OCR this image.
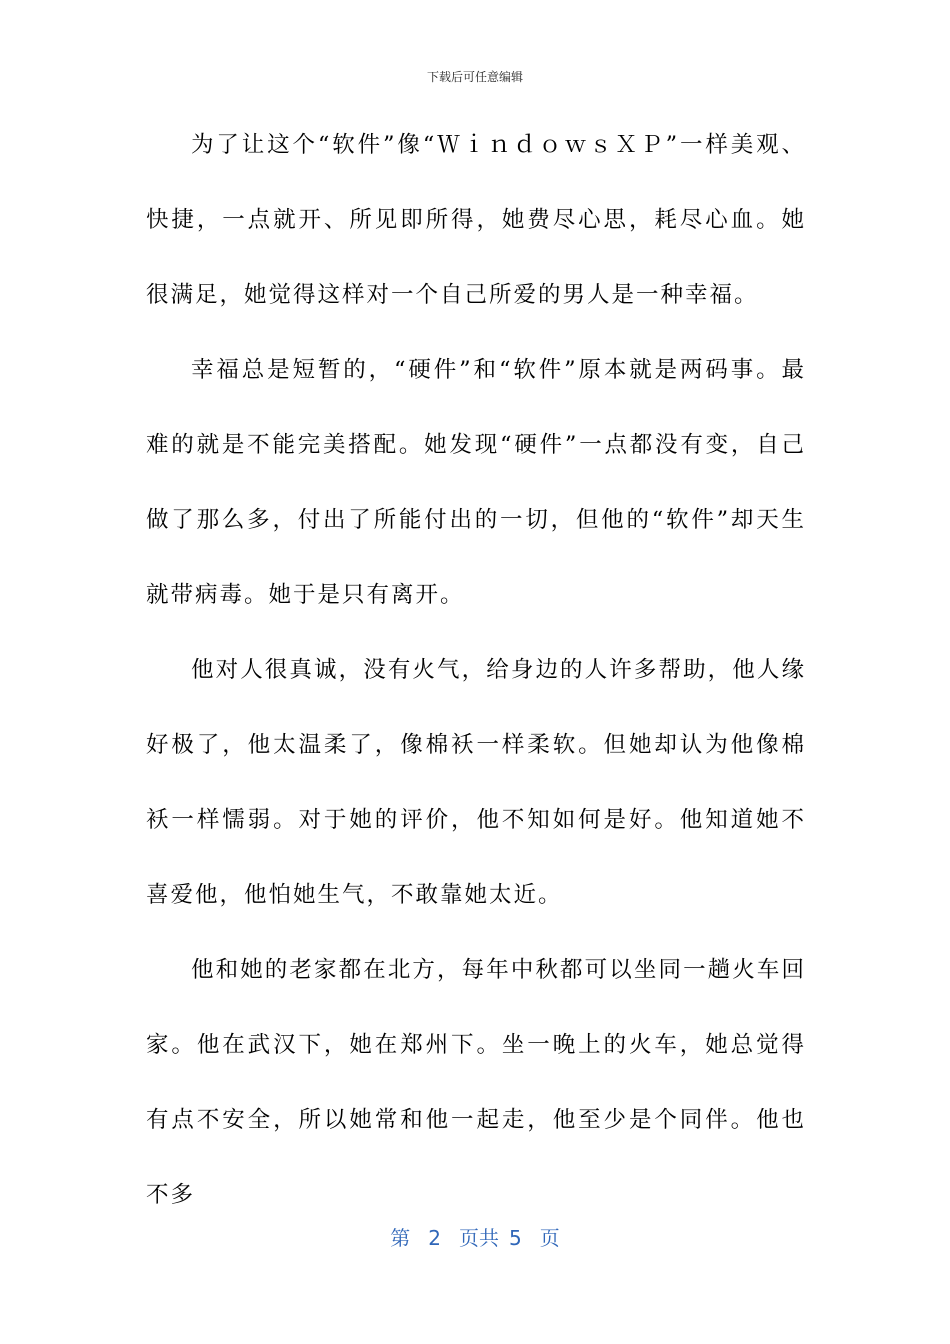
下载后可任意编辑

为了让这个“软件”像“ＷｉｎｄｏｗｓＸＰ”一样美观、快捷，一点就开、所见即所得，她费尽心思，耗尽心血。她很满足，她觉得这样对一个自己所爱的男人是一种幸福。

幸福总是短暂的，“硬件”和“软件”原本就是两码事。最难的就是不能完美搭配。她发现“硬件”一点都没有变，自己做了那么多，付出了所能付出的一切，但他的“软件”却天生就带病毒。她于是只有离开。

他对人很真诚，没有火气，给身边的人许多帮助，他人缘好极了，他太温柔了，像棉袄一样柔软。但她却认为他像棉袄一样懦弱。对于她的评价，他不知如何是好。他知道她不喜爱他，他怕她生气，不敢靠她太近。

他和她的老家都在北方，每年中秋都可以坐同一趟火车回家。他在武汉下，她在郑州下。坐一晚上的火车，她总觉得有点不安全，所以她常和他一起走，他至少是个同伴。他也不多

第 2 页共 5 页
